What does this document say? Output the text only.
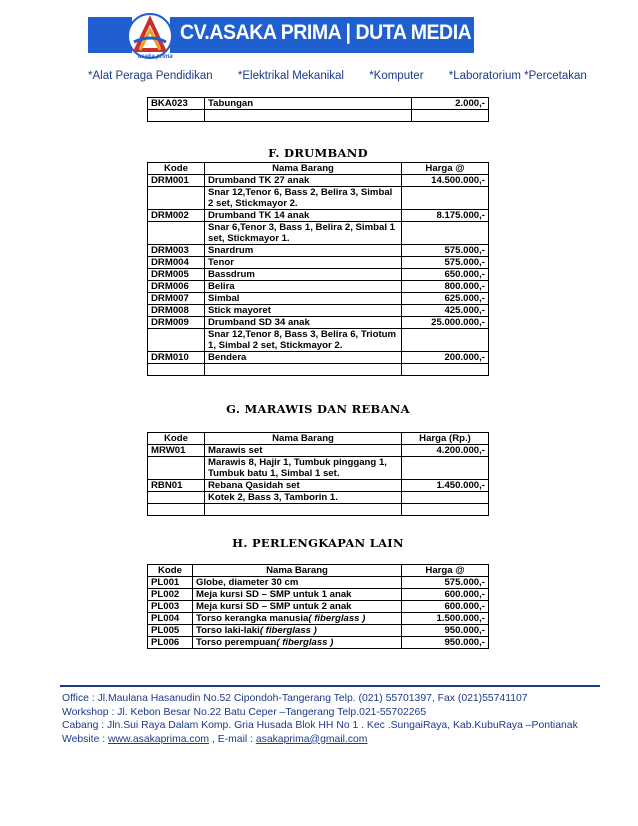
asaka prima
CV.ASAKA PRIMA | DUTA MEDIA GROUP
*Alat Peraga Pendidikan *Elektrikal Mekanikal *Komputer *Laboratorium *Percetakan
BKA023	Tabungan	2.000,-

F. DRUMBAND
Kode	Nama Barang	Harga @
DRM001	Drumband TK 27 anak	14.500.000,-
	Snar 12,Tenor 6, Bass 2, Belira 3, Simbal 2 set, Stickmayor 2.	
DRM002	Drumband TK 14 anak	8.175.000,-
	Snar 6,Tenor 3, Bass 1, Belira 2, Simbal 1 set, Stickmayor 1.	
DRM003	Snardrum	575.000,-
DRM004	Tenor	575.000,-
DRM005	Bassdrum	650.000,-
DRM006	Belira	800.000,-
DRM007	Simbal	625.000,-
DRM008	Stick mayoret	425.000,-
DRM009	Drumband SD 34 anak	25.000.000,-
	Snar 12,Tenor 8, Bass 3, Belira 6, Triotum 1, Simbal 2 set, Stickmayor 2.	
DRM010	Bendera	200.000,-

G. MARAWIS DAN REBANA
Kode	Nama Barang	Harga (Rp.)
MRW01	Marawis set	4.200.000,-
	Marawis 8, Hajir 1, Tumbuk pinggang 1, Tumbuk batu 1, Simbal 1 set.	
RBN01	Rebana Qasidah set	1.450.000,-
	Kotek 2, Bass 3, Tamborin 1.	

H. PERLENGKAPAN LAIN
Kode	Nama Barang	Harga @
PL001	Globe, diameter 30 cm	575.000,-
PL002	Meja kursi SD – SMP untuk 1 anak	600.000,-
PL003	Meja kursi SD – SMP untuk 2 anak	600.000,-
PL004	Torso kerangka manusia( fiberglass )	1.500.000,-
PL005	Torso laki-laki( fiberglass )	950.000,-
PL006	Torso perempuan( fiberglass )	950.000,-
Office : Jl.Maulana Hasanudin No.52 Cipondoh-Tangerang Telp. (021) 55701397, Fax (021)55741107
Workshop : Jl. Kebon Besar No.22 Batu Ceper –Tangerang Telp.021-55702265
Cabang : Jln.Sui Raya Dalam Komp. Gria Husada Blok HH No 1 . Kec .SungaiRaya, Kab.KubuRaya –Pontianak
Website : www.asakaprima.com , E-mail : asakaprima@gmail.com
